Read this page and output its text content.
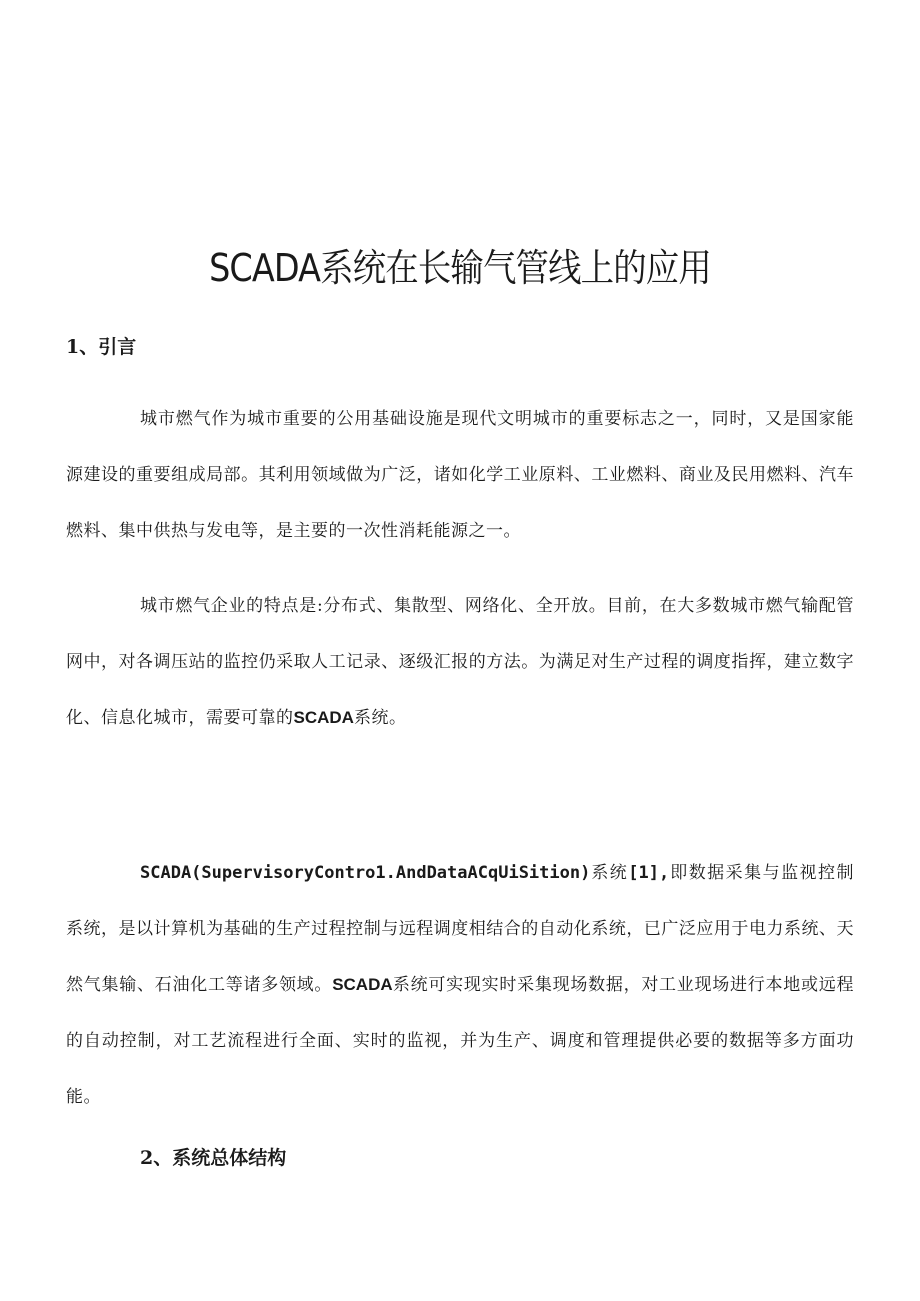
SCADA系统在长输气管线上的应用
1、引言

城市燃气作为城市重要的公用基础设施是现代文明城市的重要标志之一，同时，又是国家能源建设的重要组成局部。其利用领域做为广泛，诸如化学工业原料、工业燃料、商业及民用燃料、汽车燃料、集中供热与发电等，是主要的一次性消耗能源之一。

城市燃气企业的特点是:分布式、集散型、网络化、全开放。目前，在大多数城市燃气输配管网中，对各调压站的监控仍采取人工记录、逐级汇报的方法。为满足对生产过程的调度指挥，建立数字化、信息化城市，需要可靠的SCADA系统。

SCADA(SupervisoryContro1.AndDataACqUiSition)系统[1],即数据采集与监视控制系统，是以计算机为基础的生产过程控制与远程调度相结合的自动化系统，已广泛应用于电力系统、天然气集输、石油化工等诸多领域。SCADA系统可实现实时采集现场数据，对工业现场进行本地或远程的自动控制，对工艺流程进行全面、实时的监视，并为生产、调度和管理提供必要的数据等多方面功能。

2、系统总体结构
